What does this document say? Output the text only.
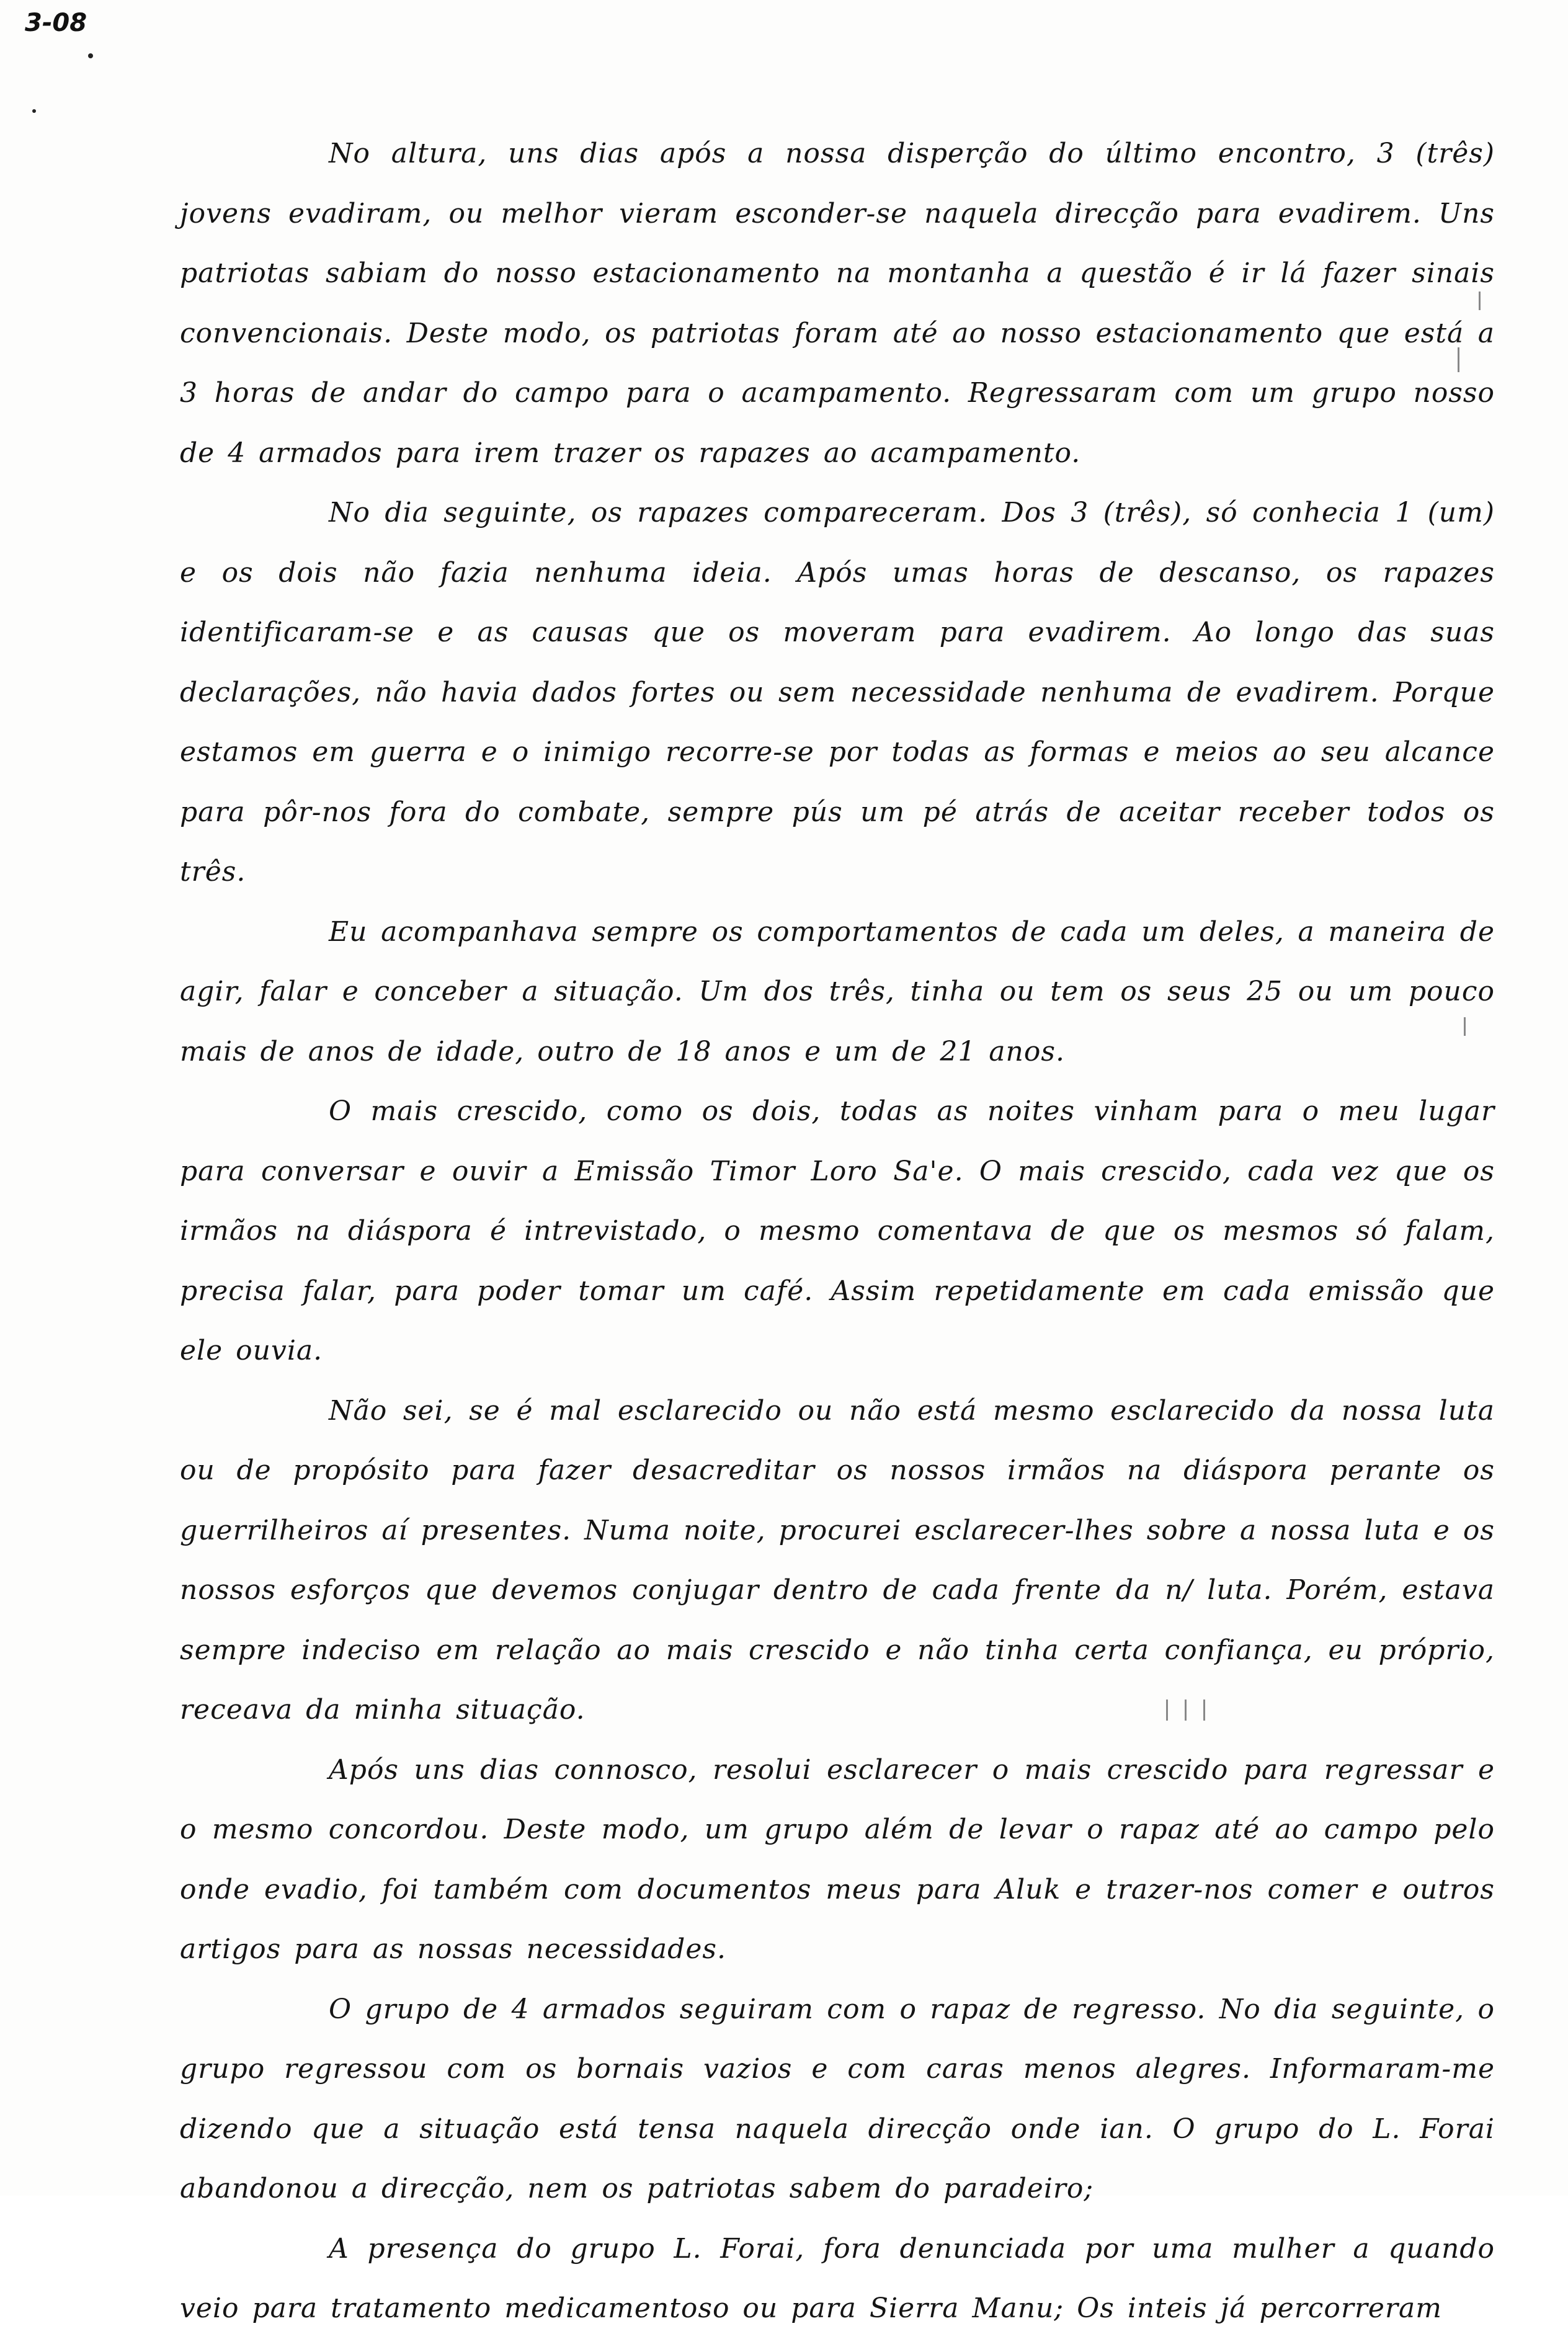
3-08

No altura, uns dias após a nossa disperção do último encontro, 3 (três) jovens evadiram, ou melhor vieram esconder-se naquela direcção para evadirem. Uns patriotas sabiam do nosso estacionamento na montanha a questão é ir lá fazer sinais convencionais. Deste modo, os patriotas foram até ao nosso estacionamento que está a 3 horas de andar do campo para o acampamento. Regressaram com um grupo nosso de 4 armados para irem trazer os rapazes ao acampamento.

No dia seguinte, os rapazes compareceram. Dos 3 (três), só conhecia 1 (um) e os dois não fazia nenhuma ideia. Após umas horas de descanso, os rapazes identificaram-se e as causas que os moveram para evadirem. Ao longo das suas declarações, não havia dados fortes ou sem necessidade nenhuma de evadirem. Porque estamos em guerra e o inimigo recorre-se por todas as formas e meios ao seu alcance para pôr-nos fora do combate, sempre pús um pé atrás de aceitar receber todos os três.

Eu acompanhava sempre os comportamentos de cada um deles, a maneira de agir, falar e conceber a situação. Um dos três, tinha ou tem os seus 25 ou um pouco mais de anos de idade, outro de 18 anos e um de 21 anos.

O mais crescido, como os dois, todas as noites vinham para o meu lugar para conversar e ouvir a Emissão Timor Loro Sa'e. O mais crescido, cada vez que os irmãos na diáspora é intrevistado, o mesmo comentava de que os mesmos só falam, precisa falar, para poder tomar um café. Assim repetidamente em cada emissão que ele ouvia.

Não sei, se é mal esclarecido ou não está mesmo esclarecido da nossa luta ou de propósito para fazer desacreditar os nossos irmãos na diáspora perante os guerrilheiros aí presentes. Numa noite, procurei esclarecer-lhes sobre a nossa luta e os nossos esforços que devemos conjugar dentro de cada frente da n/ luta. Porém, estava sempre indeciso em relação ao mais crescido e não tinha certa confiança, eu próprio, receava da minha situação.

Após uns dias connosco, resolui esclarecer o mais crescido para regressar e o mesmo concordou. Deste modo, um grupo além de levar o rapaz até ao campo pelo onde evadio, foi também com documentos meus para Aluk e trazer-nos comer e outros artigos para as nossas necessidades.

O grupo de 4 armados seguiram com o rapaz de regresso. No dia seguinte, o grupo regressou com os bornais vazios e com caras menos alegres. Informaram-me dizendo que a situação está tensa naquela direcção onde ian. O grupo do L. Forai abandonou a direcção, nem os patriotas sabem do paradeiro;

A presença do grupo L. Forai, fora denunciada por uma mulher a quando veio para tratamento medicamentoso ou para Sierra Manu; Os inteis já percorreram
